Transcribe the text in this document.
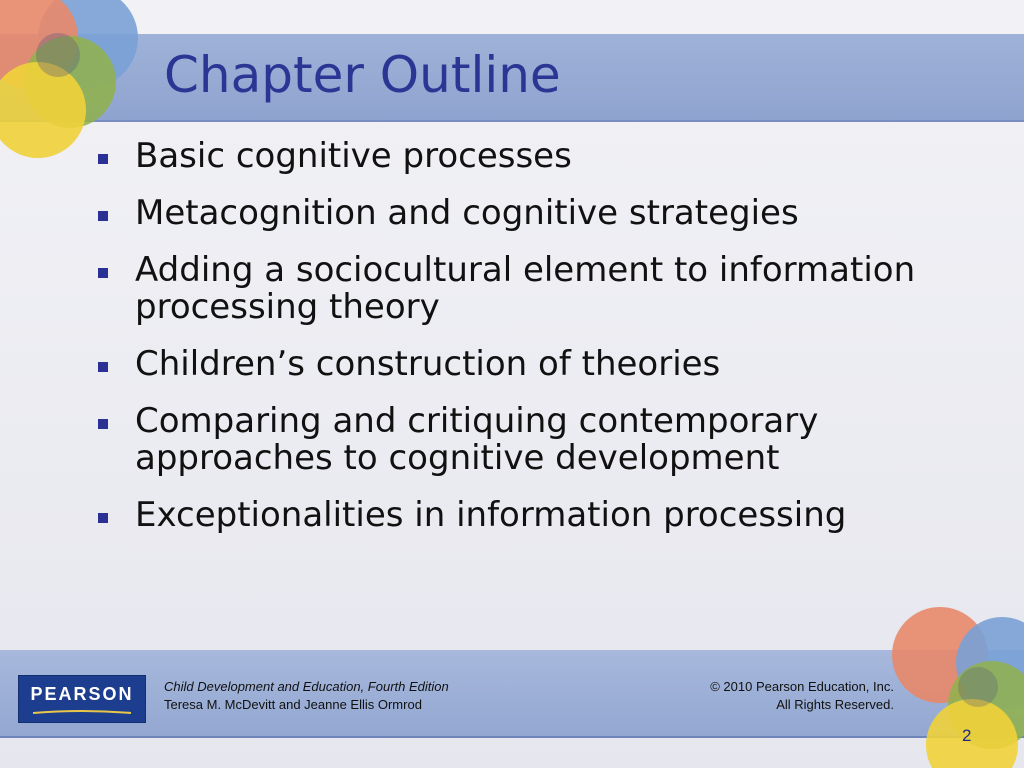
Chapter Outline
Basic cognitive processes
Metacognition and cognitive strategies
Adding a sociocultural element to information
processing theory
Children’s construction of theories
Comparing and critiquing contemporary
approaches to cognitive development
Exceptionalities in information processing
PEARSON	Child Development and Education, Fourth Edition
Teresa M. McDevitt and Jeanne Ellis Ormrod
© 2010 Pearson Education, Inc.
All Rights Reserved.
2
